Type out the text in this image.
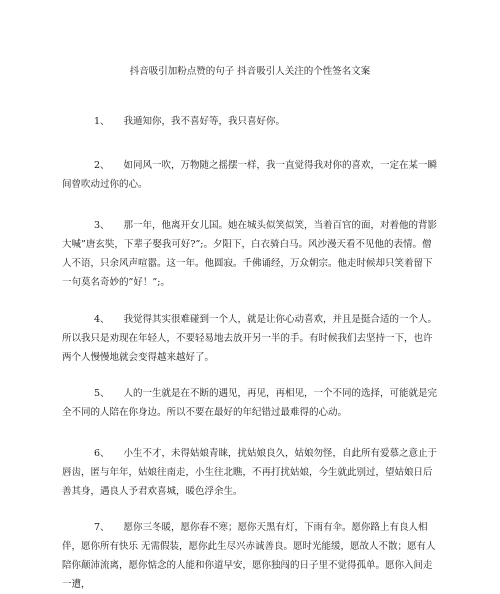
抖音吸引加粉点赞的句子 抖音吸引人关注的个性签名文案
1、 我遁知你，我不喜好等，我只喜好你。
2、 如同风一吹，万物随之摇摆一样，我一直觉得我对你的喜欢，一定在某一瞬间曾吹动过你的心。
3、 那一年，他离开女儿国。她在城头似笑似笑，当着百官的面，对着他的背影大喊”唐玄奘，下辈子娶我可好?”;。夕阳下，白衣骑白马。风沙漫天看不见他的表情。僧人不语，只余风声喧嚣。这一年。他圆寂。千佛诵经，万众朝宗。他走时候却只笑着留下一句莫名奇妙的”好！”;。
4、 我觉得其实很难碰到一个人，就是让你心动喜欢，并且是挺合适的一个人。所以我只是劝现在年轻人，不要轻易地去放开另一半的手。有时候我们去坚持一下，也许两个人慢慢地就会变得越来越好了。
5、 人的一生就是在不断的遇见，再见，再相见，一个不同的选择，可能就是完全不同的人陪在你身边。所以不要在最好的年纪错过最难得的心动。
6、 小生不才，未得姑娘青睐，扰姑娘良久，姑娘勿怪，自此所有爱慕之意止于唇齿，匿与年年，姑娘往南走，小生往北瞧，不再打扰姑娘，今生就此别过，望姑娘日后善其身，遇良人予君欢喜城，暖色浮余生。
7、 愿你三冬暖，愿你春不寒；愿你天黑有灯，下雨有伞。愿你路上有良人相伴，愿你所有快乐 无需假装，愿你此生尽兴赤诚善良。愿时光能缓，愿故人不散；愿有人陪你颠沛流离，愿你惦念的人能和你道早安，愿你独闯的日子里不觉得孤单。愿你入间走一遭，
